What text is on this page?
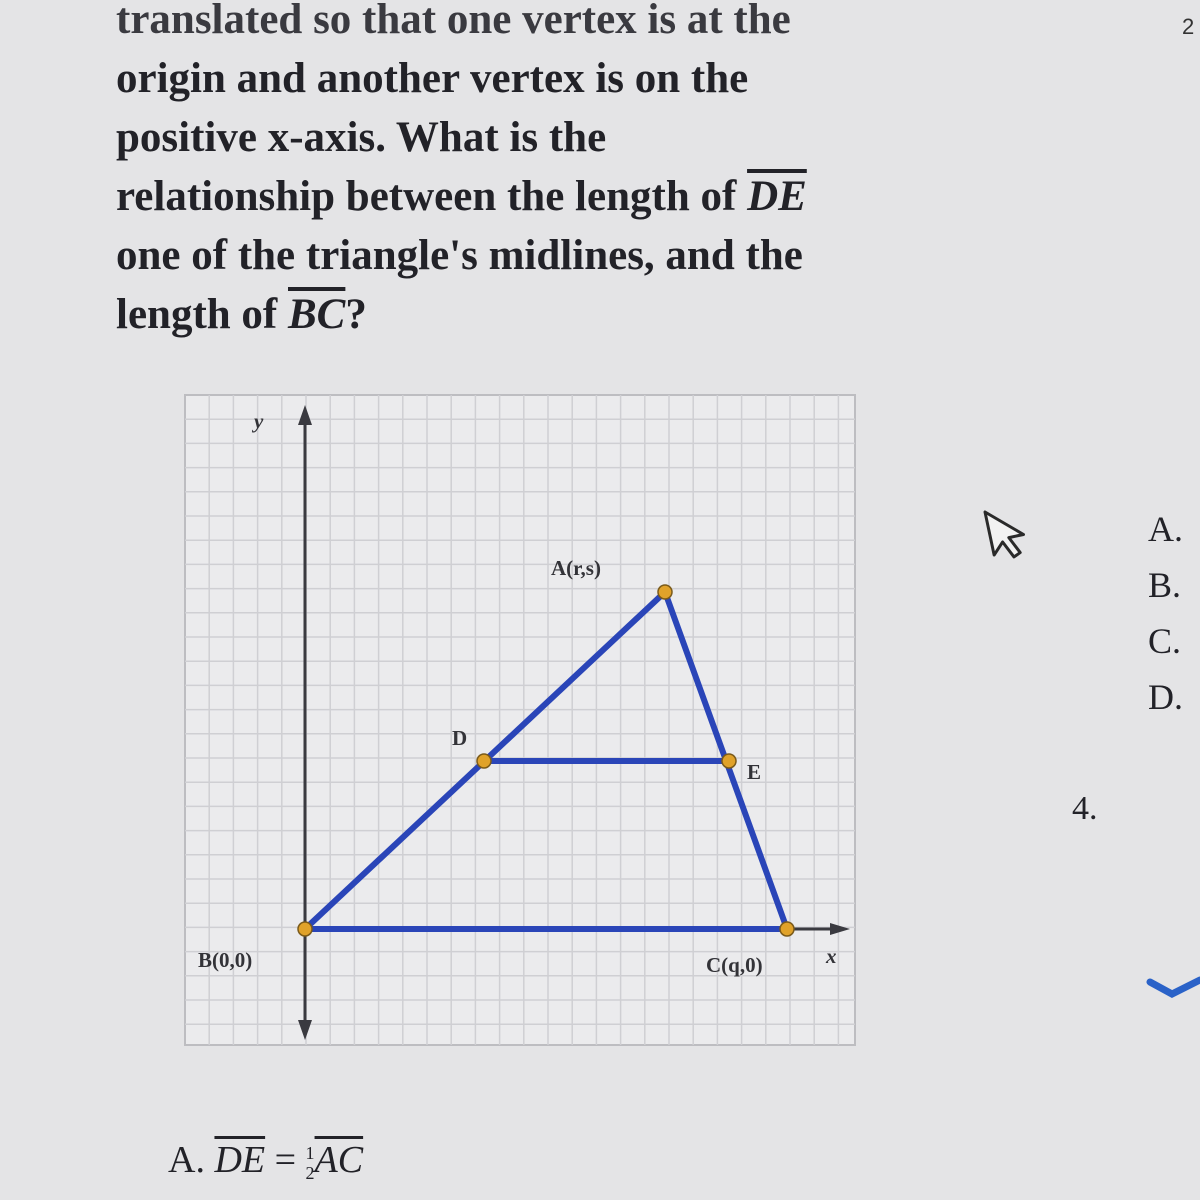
translated so that one vertex is at the
origin and another vertex is on the
positive x-axis. What is the
relationship between the length of $\overline{DE}$
one of the triangle's midlines, and the
length of $\overline{BC}$?
y
x
A(r,s)
B(0,0)	C(q,0)
D
E
A.
B.
C.
D.
4.
2
A. $\overline{DE} = 1$
$2\overline{AC}$
